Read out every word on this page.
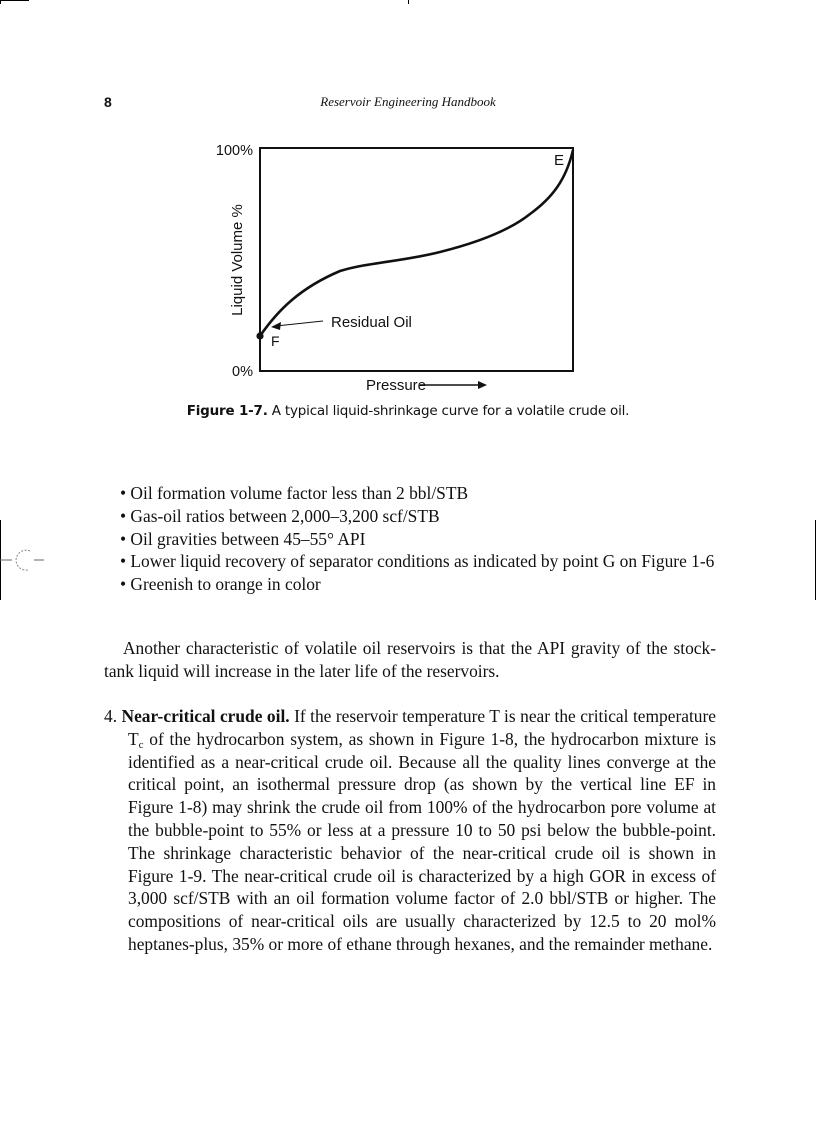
8	Reservoir Engineering Handbook
100%
0%
Liquid Volume %
Pressure
E
F
Residual Oil
Figure 1-7. A typical liquid-shrinkage curve for a volatile crude oil.
• Oil formation volume factor less than 2 bbl/STB
• Gas-oil ratios between 2,000–3,200 scf/STB
• Oil gravities between 45–55° API
• Lower liquid recovery of separator conditions as indicated by point G on Figure 1-6
• Greenish to orange in color

Another characteristic of volatile oil reservoirs is that the API gravity of the stock-tank liquid will increase in the later life of the reservoirs.

4. Near-critical crude oil. If the reservoir temperature T is near the critical temperature $T_c$ of the hydrocarbon system, as shown in Figure 1-8, the hydrocarbon mixture is identified as a near-critical crude oil. Because all the quality lines converge at the critical point, an isothermal pressure drop (as shown by the vertical line EF in Figure 1-8) may shrink the crude oil from 100% of the hydrocarbon pore volume at the bubble-point to 55% or less at a pressure 10 to 50 psi below the bubble-point. The shrinkage characteristic behavior of the near-critical crude oil is shown in Figure 1-9. The near-critical crude oil is characterized by a high GOR in excess of 3,000 scf/STB with an oil formation volume factor of 2.0 bbl/STB or higher. The compositions of near-critical oils are usually characterized by 12.5 to 20 mol% heptanes-plus, 35% or more of ethane through hexanes, and the remainder methane.
